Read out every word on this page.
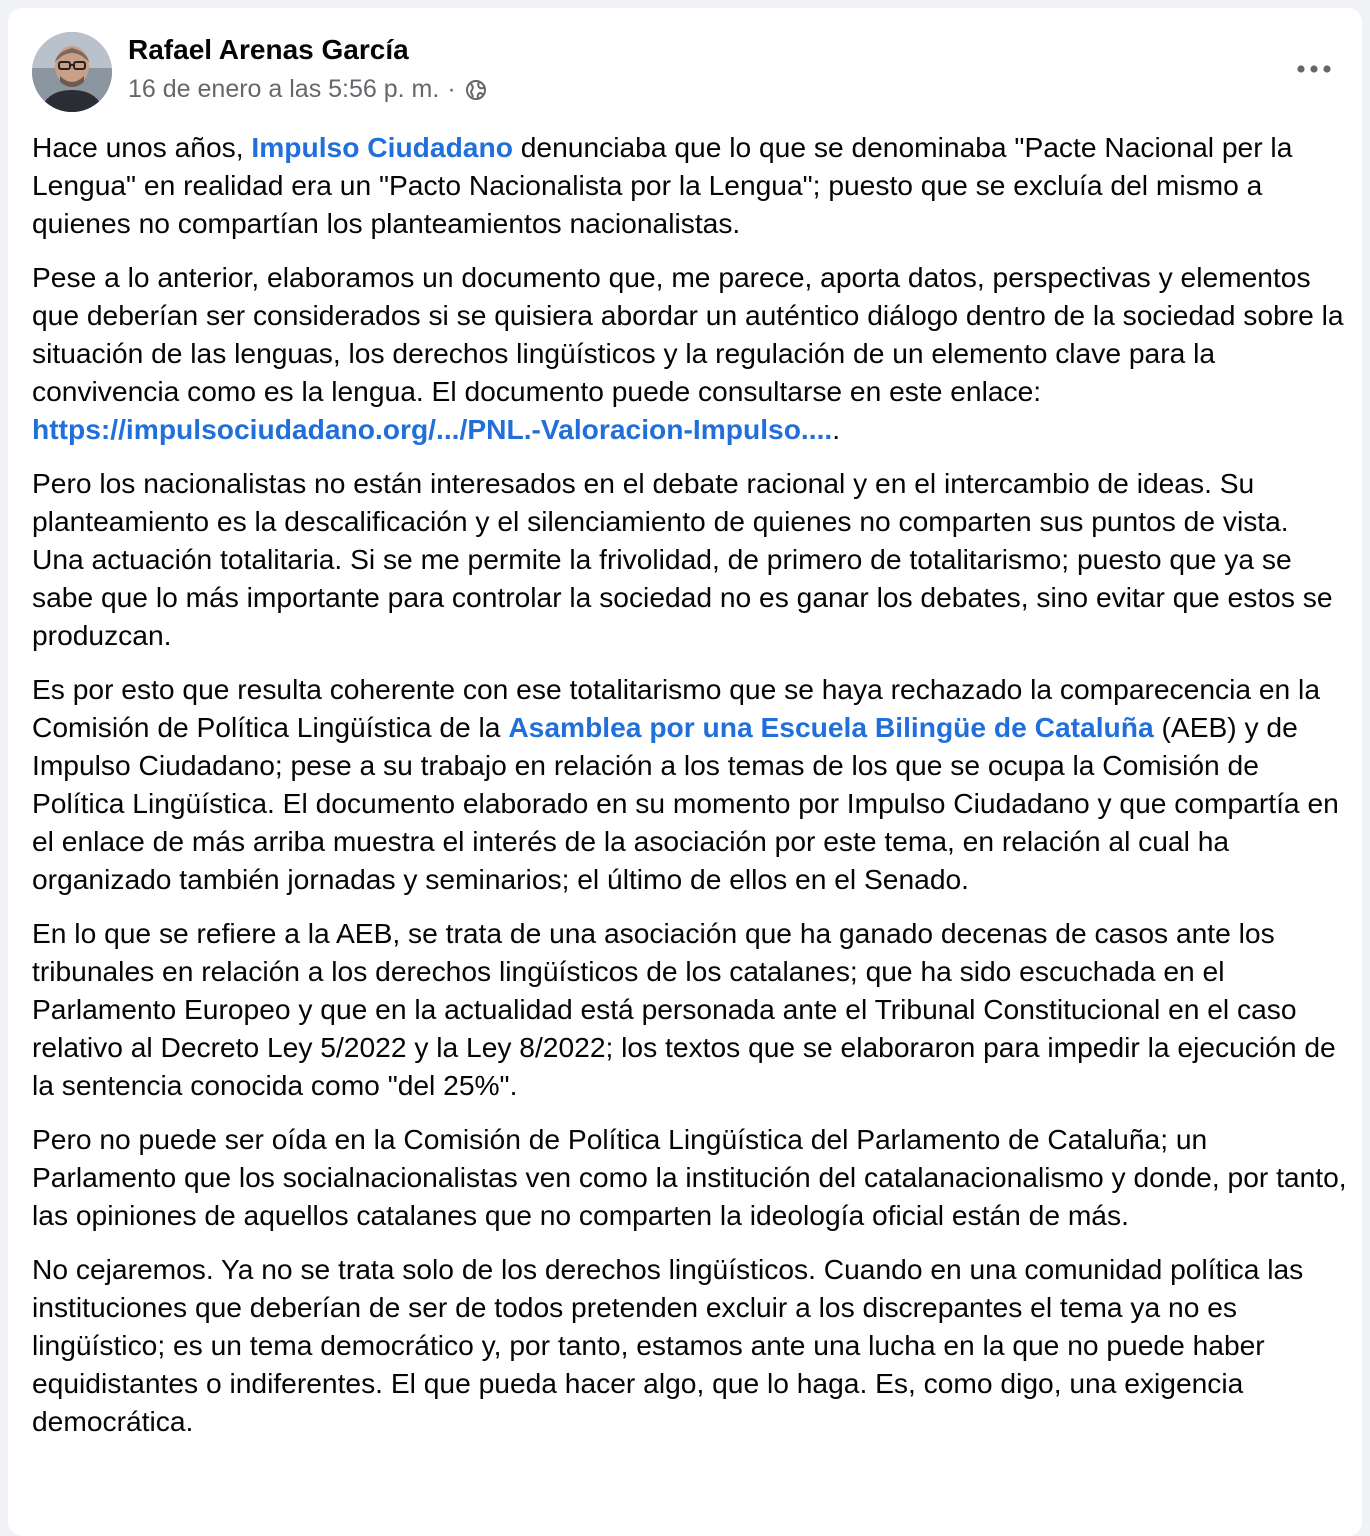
Rafael Arenas García
16 de enero a las 5:56 p. m. ·

Hace unos años, Impulso Ciudadano denunciaba que lo que se denominaba "Pacte Nacional per la Lengua" en realidad era un "Pacto Nacionalista por la Lengua"; puesto que se excluía del mismo a quienes no compartían los planteamientos nacionalistas.

Pese a lo anterior, elaboramos un documento que, me parece, aporta datos, perspectivas y elementos que deberían ser considerados si se quisiera abordar un auténtico diálogo dentro de la sociedad sobre la situación de las lenguas, los derechos lingüísticos y la regulación de un elemento clave para la convivencia como es la lengua. El documento puede consultarse en este enlace: https://impulsociudadano.org/.../PNL.-Valoracion-Impulso.....

Pero los nacionalistas no están interesados en el debate racional y en el intercambio de ideas. Su planteamiento es la descalificación y el silenciamiento de quienes no comparten sus puntos de vista. Una actuación totalitaria. Si se me permite la frivolidad, de primero de totalitarismo; puesto que ya se sabe que lo más importante para controlar la sociedad no es ganar los debates, sino evitar que estos se produzcan.

Es por esto que resulta coherente con ese totalitarismo que se haya rechazado la comparecencia en la Comisión de Política Lingüística de la Asamblea por una Escuela Bilingüe de Cataluña (AEB) y de Impulso Ciudadano; pese a su trabajo en relación a los temas de los que se ocupa la Comisión de Política Lingüística. El documento elaborado en su momento por Impulso Ciudadano y que compartía en el enlace de más arriba muestra el interés de la asociación por este tema, en relación al cual ha organizado también jornadas y seminarios; el último de ellos en el Senado.

En lo que se refiere a la AEB, se trata de una asociación que ha ganado decenas de casos ante los tribunales en relación a los derechos lingüísticos de los catalanes; que ha sido escuchada en el Parlamento Europeo y que en la actualidad está personada ante el Tribunal Constitucional en el caso relativo al Decreto Ley 5/2022 y la Ley 8/2022; los textos que se elaboraron para impedir la ejecución de la sentencia conocida como "del 25%".

Pero no puede ser oída en la Comisión de Política Lingüística del Parlamento de Cataluña; un Parlamento que los socialnacionalistas ven como la institución del catalanacionalismo y donde, por tanto, las opiniones de aquellos catalanes que no comparten la ideología oficial están de más.

No cejaremos. Ya no se trata solo de los derechos lingüísticos. Cuando en una comunidad política las instituciones que deberían de ser de todos pretenden excluir a los discrepantes el tema ya no es lingüístico; es un tema democrático y, por tanto, estamos ante una lucha en la que no puede haber equidistantes o indiferentes. El que pueda hacer algo, que lo haga. Es, como digo, una exigencia democrática.
